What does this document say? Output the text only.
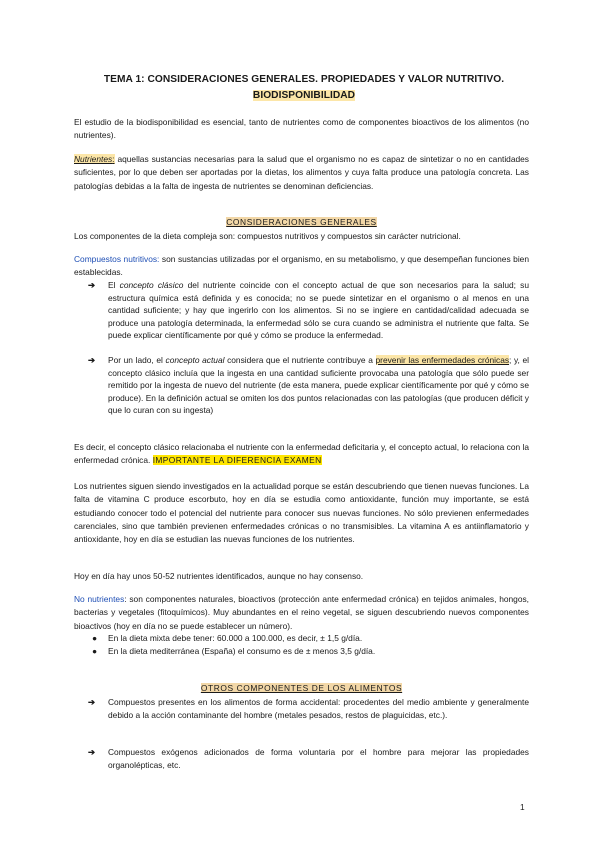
TEMA 1: CONSIDERACIONES GENERALES. PROPIEDADES Y VALOR NUTRITIVO.
BIODISPONIBILIDAD
El estudio de la biodisponibilidad es esencial, tanto de nutrientes como de componentes bioactivos de los alimentos (no nutrientes).
Nutrientes: aquellas sustancias necesarias para la salud que el organismo no es capaz de sintetizar o no en cantidades suficientes, por lo que deben ser aportadas por la dietas, los alimentos y cuya falta produce una patología concreta. Las patologías debidas a la falta de ingesta de nutrientes se denominan deficiencias.
CONSIDERACIONES GENERALES
Los componentes de la dieta compleja son: compuestos nutritivos y compuestos sin carácter nutricional.
Compuestos nutritivos: son sustancias utilizadas por el organismo, en su metabolismo, y que desempeñan funciones bien establecidas.
➔ El concepto clásico del nutriente coincide con el concepto actual de que son necesarios para la salud; su estructura química está definida y es conocida; no se puede sintetizar en el organismo o al menos en una cantidad suficiente; y hay que ingerirlo con los alimentos. Si no se ingiere en cantidad/calidad adecuada se produce una patología determinada, la enfermedad sólo se cura cuando se administra el nutriente que falta. Se puede explicar científicamente por qué y cómo se produce la enfermedad.
➔ Por un lado, el concepto actual considera que el nutriente contribuye a prevenir las enfermedades crónicas; y, el concepto clásico incluía que la ingesta en una cantidad suficiente provocaba una patología que sólo puede ser remitido por la ingesta de nuevo del nutriente (de esta manera, puede explicar científicamente por qué y cómo se produce). En la definición actual se omiten los dos puntos relacionadas con las patologías (que producen déficit y que lo curan con su ingesta)
Es decir, el concepto clásico relacionaba el nutriente con la enfermedad deficitaria y, el concepto actual, lo relaciona con la enfermedad crónica. IMPORTANTE LA DIFERENCIA EXAMEN
Los nutrientes siguen siendo investigados en la actualidad porque se están descubriendo que tienen nuevas funciones. La falta de vitamina C produce escorbuto, hoy en día se estudia como antioxidante, función muy importante, se está estudiando conocer todo el potencial del nutriente para conocer sus nuevas funciones. No sólo previenen enfermedades carenciales, sino que también previenen enfermedades crónicas o no transmisibles. La vitamina A es antiinflamatorio y antioxidante, hoy en día se estudian las nuevas funciones de los nutrientes.
Hoy en día hay unos 50-52 nutrientes identificados, aunque no hay consenso.
No nutrientes: son componentes naturales, bioactivos (protección ante enfermedad crónica) en tejidos animales, hongos, bacterias y vegetales (fitoquímicos). Muy abundantes en el reino vegetal, se siguen descubriendo nuevos componentes bioactivos (hoy en día no se puede establecer un número).
● En la dieta mixta debe tener: 60.000 a 100.000, es decir, ± 1,5 g/día.
● En la dieta mediterránea (España) el consumo es de ± menos 3,5 g/día.
OTROS COMPONENTES DE LOS ALIMENTOS
➔ Compuestos presentes en los alimentos de forma accidental: procedentes del medio ambiente y generalmente debido a la acción contaminante del hombre (metales pesados, restos de plaguicidas, etc.).
➔ Compuestos exógenos adicionados de forma voluntaria por el hombre para mejorar las propiedades organolépticas, etc.
1
